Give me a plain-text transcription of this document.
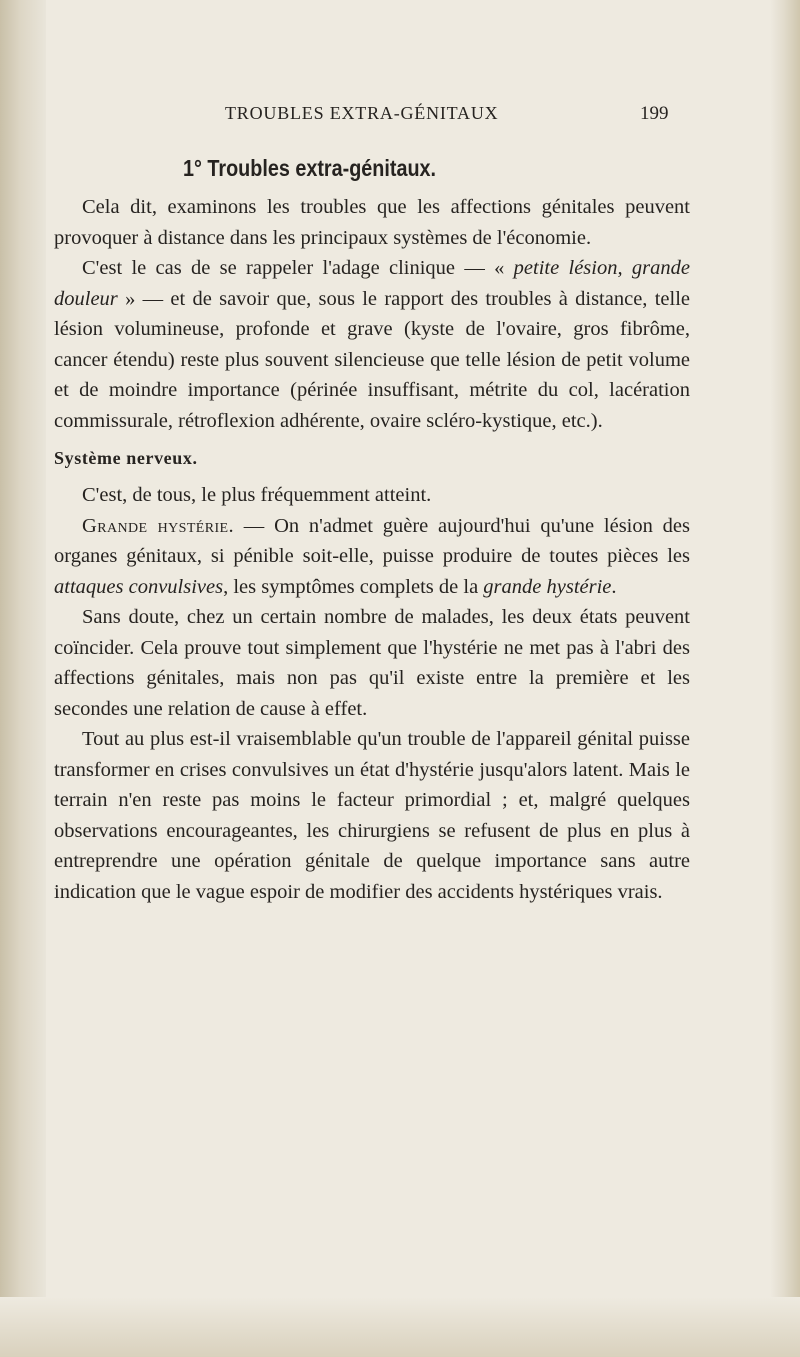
TROUBLES EXTRA-GÉNITAUX	199
1° Troubles extra-génitaux.

Cela dit, examinons les troubles que les affections génitales peuvent provoquer à distance dans les principaux systèmes de l'économie.

C'est le cas de se rappeler l'adage clinique — « petite lésion, grande douleur » — et de savoir que, sous le rapport des troubles à distance, telle lésion volumineuse, profonde et grave (kyste de l'ovaire, gros fibrôme, cancer étendu) reste plus souvent silencieuse que telle lésion de petit volume et de moindre importance (périnée insuffisant, métrite du col, lacération commissurale, rétroflexion adhérente, ovaire scléro-kystique, etc.).

Système nerveux.

C'est, de tous, le plus fréquemment atteint.

Grande hystérie. — On n'admet guère aujourd'hui qu'une lésion des organes génitaux, si pénible soit-elle, puisse produire de toutes pièces les attaques convulsives, les symptômes complets de la grande hystérie.

Sans doute, chez un certain nombre de malades, les deux états peuvent coïncider. Cela prouve tout simplement que l'hystérie ne met pas à l'abri des affections génitales, mais non pas qu'il existe entre la première et les secondes une relation de cause à effet.

Tout au plus est-il vraisemblable qu'un trouble de l'appareil génital puisse transformer en crises convulsives un état d'hystérie jusqu'alors latent. Mais le terrain n'en reste pas moins le facteur primordial ; et, malgré quelques observations encourageantes, les chirurgiens se refusent de plus en plus à entreprendre une opération génitale de quelque importance sans autre indication que le vague espoir de modifier des accidents hystériques vrais.
